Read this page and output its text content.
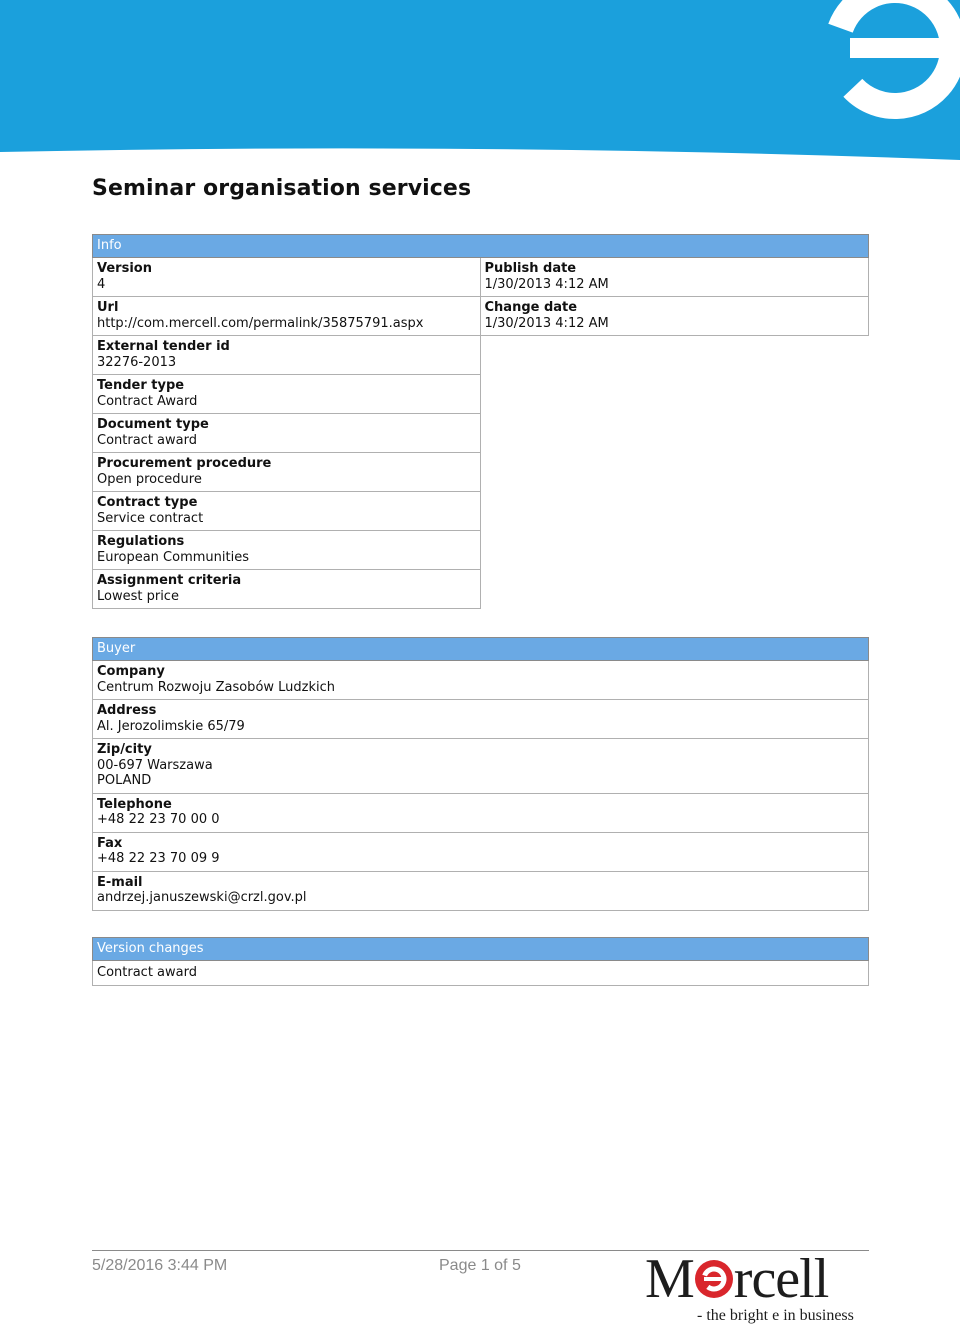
Seminar organisation services
Info
Version
4
Url
http://com.mercell.com/permalink/35875791.aspx
External tender id
32276-2013
Tender type
Contract Award
Document type
Contract award
Procurement procedure
Open procedure
Contract type
Service contract
Regulations
European Communities
Assignment criteria
Lowest price
Publish date
1/30/2013 4:12 AM
Change date
1/30/2013 4:12 AM
Buyer
Company
Centrum Rozwoju Zasobów Ludzkich
Address
Al. Jerozolimskie 65/79
Zip/city
00-697 Warszawa
POLAND
Telephone
+48 22 23 70 00 0
Fax
+48 22 23 70 09 9
E-mail
andrzej.januszewski@crzl.gov.pl
Version changes
Contract award
5/28/2016 3:44 PM	Page 1 of 5 M rcell
- the bright e in business
